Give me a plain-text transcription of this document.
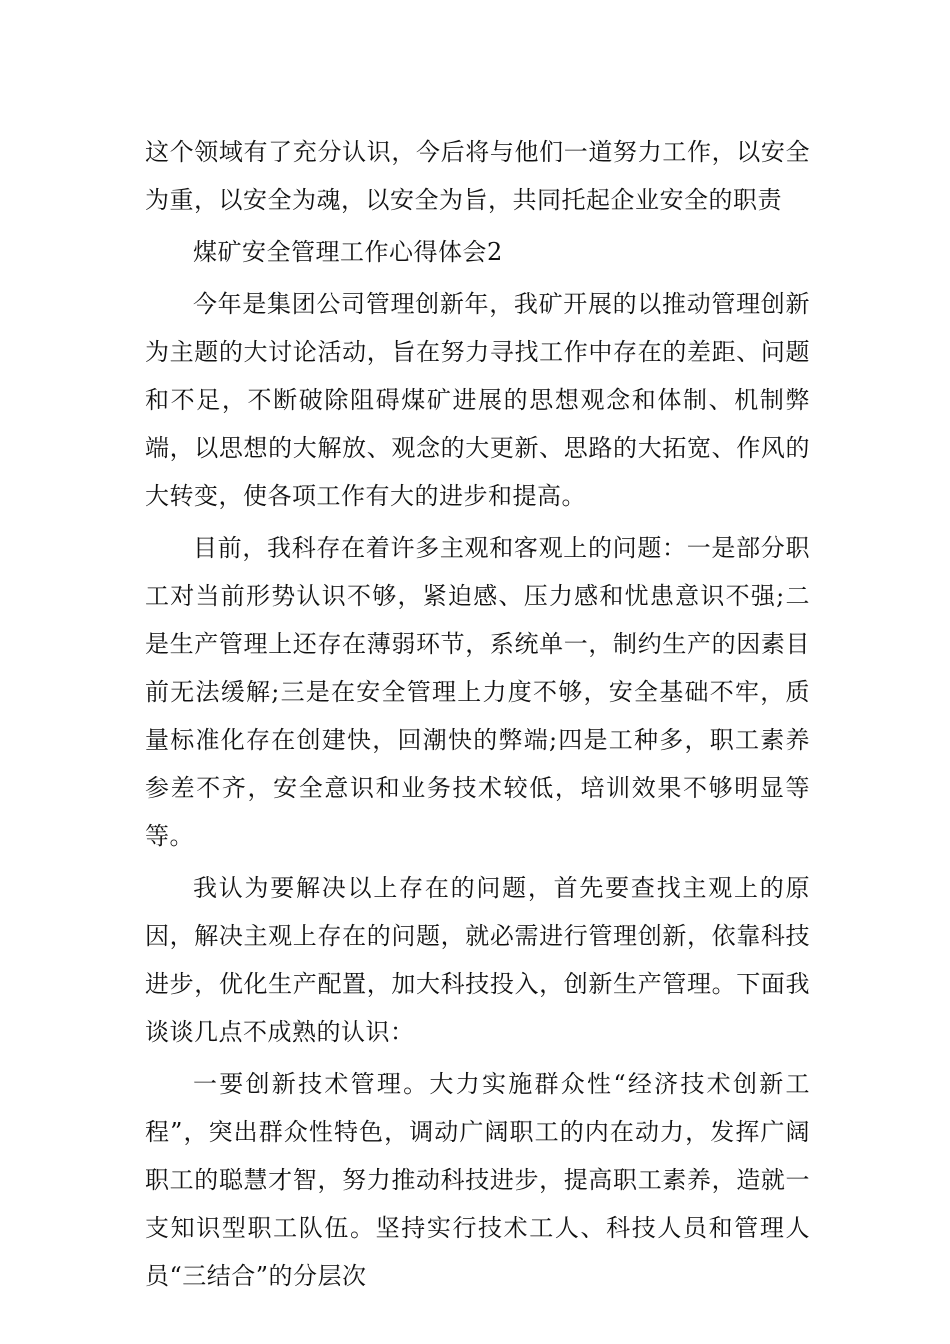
这个领域有了充分认识，今后将与他们一道努力工作，以安全为重，以安全为魂，以安全为旨，共同托起企业安全的职责

煤矿安全管理工作心得体会2

今年是集团公司管理创新年，我矿开展的以推动管理创新为主题的大讨论活动，旨在努力寻找工作中存在的差距、问题和不足，不断破除阻碍煤矿进展的思想观念和体制、机制弊端，以思想的大解放、观念的大更新、思路的大拓宽、作风的大转变，使各项工作有大的进步和提高。

目前，我科存在着许多主观和客观上的问题：一是部分职工对当前形势认识不够，紧迫感、压力感和忧患意识不强;二是生产管理上还存在薄弱环节，系统单一，制约生产的因素目前无法缓解;三是在安全管理上力度不够，安全基础不牢，质量标准化存在创建快，回潮快的弊端;四是工种多，职工素养参差不齐，安全意识和业务技术较低，培训效果不够明显等等。

我认为要解决以上存在的问题，首先要查找主观上的原因，解决主观上存在的问题，就必需进行管理创新，依靠科技进步，优化生产配置，加大科技投入，创新生产管理。下面我谈谈几点不成熟的认识：

一要创新技术管理。大力实施群众性“经济技术创新工程”，突出群众性特色，调动广阔职工的内在动力，发挥广阔职工的聪慧才智，努力推动科技进步，提高职工素养，造就一支知识型职工队伍。坚持实行技术工人、科技人员和管理人员“三结合”的分层次
